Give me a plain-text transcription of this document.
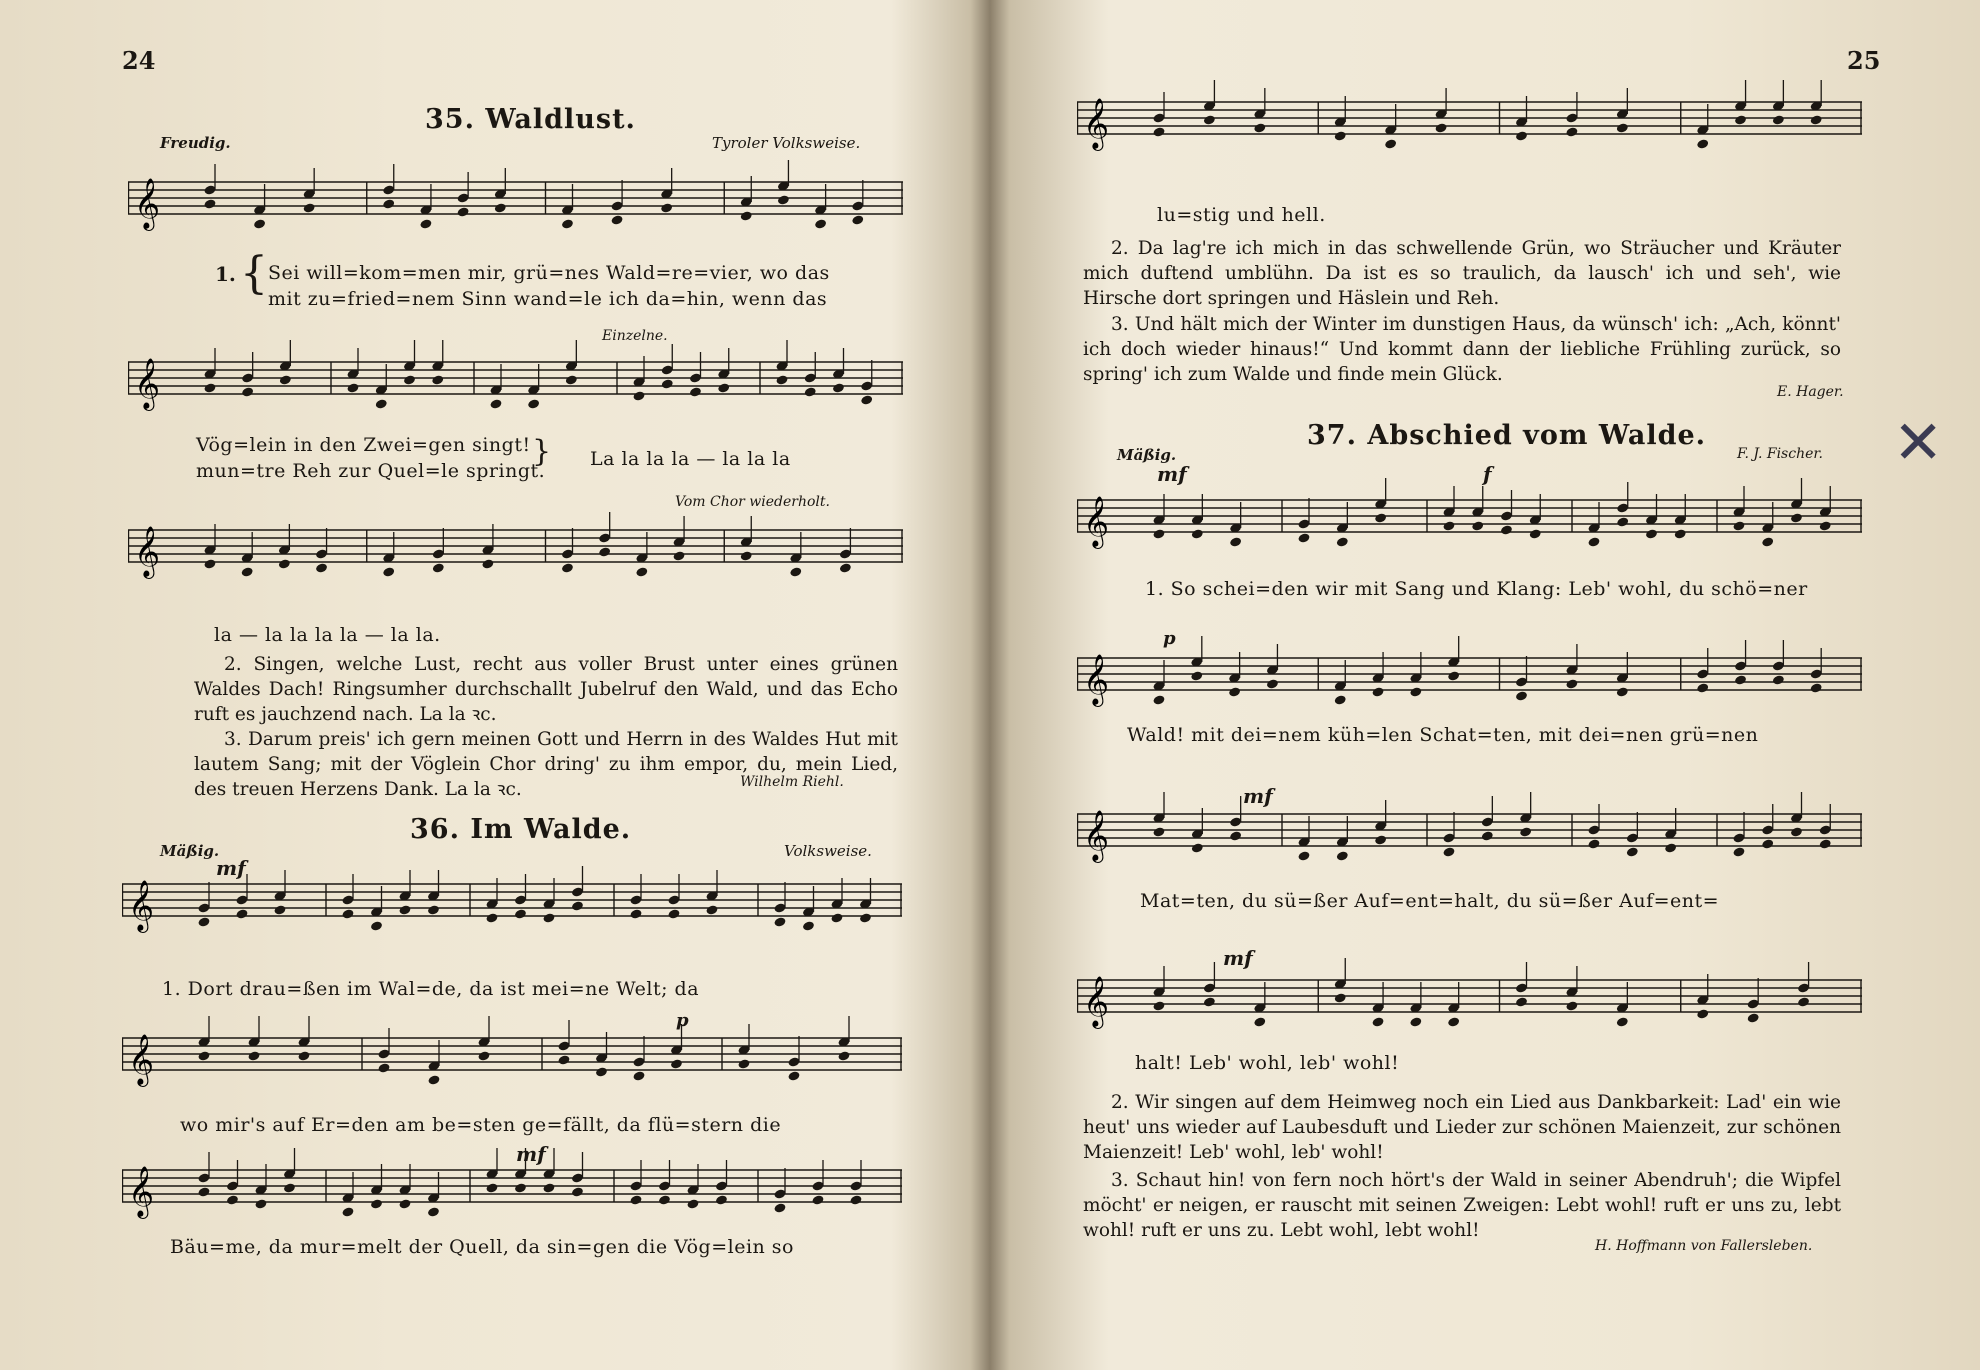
24
35. Waldlust.
Freudig.	Tyroler Volksweise.
𝄞
1. { Sei will=kom=men mir, grü=nes Wald=re=vier, wo das
mit zu=fried=nem Sinn wand=le ich da=hin, wenn das
Einzelne.
𝄞
Vög=lein in den Zwei=gen singt!
mun=tre Reh zur Quel=le springt.
} La la la la — la la la
Vom Chor wiederholt.
𝄞
la — la la la la — la la.
2. Singen, welche Lust, recht aus voller Brust unter eines grünen Waldes Dach! Ringsumher durchschallt Jubelruf den Wald, und das Echo ruft es jauchzend nach. La la ꝛc.
3. Darum preis' ich gern meinen Gott und Herrn in des Waldes Hut mit lautem Sang; mit der Vöglein Chor dring' zu ihm empor, du, mein Lied, des treuen Herzens Dank. La la ꝛc.	Wilhelm Riehl.
36. Im Walde.
Mäßig.	Volksweise.
mf
𝄞
1. Dort drau=ßen im Wal=de, da ist mei=ne Welt; da
p
𝄞
wo mir's auf Er=den am be=sten ge=fällt, da flü=stern die
mf
𝄞
Bäu=me, da mur=melt der Quell, da sin=gen die Vög=lein so
25
𝄞
lu=stig und hell.
2. Da lag're ich mich in das schwellende Grün, wo Sträucher und Kräuter mich duftend umblühn. Da ist es so traulich, da lausch' ich und seh', wie Hirsche dort springen und Häslein und Reh.
3. Und hält mich der Winter im dunstigen Haus, da wünsch' ich: „Ach, könnt' ich doch wieder hinaus!“ Und kommt dann der liebliche Frühling zurück, so spring' ich zum Walde und finde mein Glück.
E. Hager.
37. Abschied vom Walde.	✕
Mäßig.	F. J. Fischer.
mf	f
𝄞
1. So schei=den wir mit Sang und Klang: Leb' wohl, du schö=ner
p
𝄞
Wald! mit dei=nem küh=len Schat=ten, mit dei=nen grü=nen
mf
𝄞
Mat=ten, du sü=ßer Auf=ent=halt, du sü=ßer Auf=ent=
mf
𝄞
halt! Leb' wohl, leb' wohl!
2. Wir singen auf dem Heimweg noch ein Lied aus Dankbarkeit: Lad' ein wie heut' uns wieder auf Laubesduft und Lieder zur schönen Maienzeit, zur schönen Maienzeit! Leb' wohl, leb' wohl!
3. Schaut hin! von fern noch hört's der Wald in seiner Abendruh'; die Wipfel möcht' er neigen, er rauscht mit seinen Zweigen: Lebt wohl! ruft er uns zu, lebt wohl! ruft er uns zu. Lebt wohl, lebt wohl!
H. Hoffmann von Fallersleben.
